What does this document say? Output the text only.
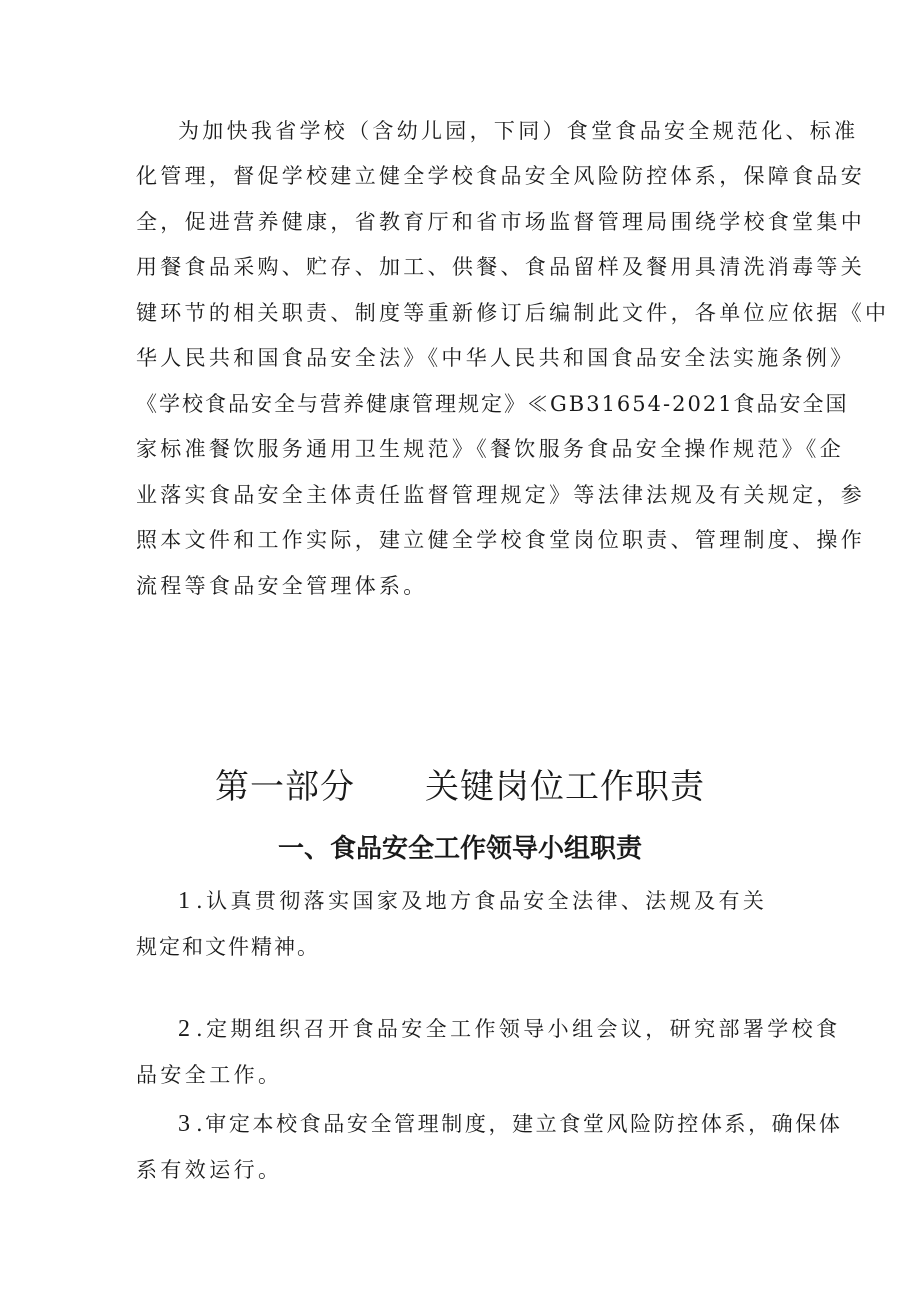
为加快我省学校（含幼儿园，下同）食堂食品安全规范化、标准
化管理，督促学校建立健全学校食品安全风险防控体系，保障食品安
全，促进营养健康，省教育厅和省市场监督管理局围绕学校食堂集中
用餐食品采购、贮存、加工、供餐、食品留样及餐用具清洗消毒等关
键环节的相关职责、制度等重新修订后编制此文件，各单位应依据《中
华人民共和国食品安全法》《中华人民共和国食品安全法实施条例》
《学校食品安全与营养健康管理规定》≪GB31654-2021食品安全国
家标准餐饮服务通用卫生规范》《餐饮服务食品安全操作规范》《企
业落实食品安全主体责任监督管理规定》等法律法规及有关规定，参
照本文件和工作实际，建立健全学校食堂岗位职责、管理制度、操作
流程等食品安全管理体系。
第一部分　　关键岗位工作职责
一、食品安全工作领导小组职责
1.认真贯彻落实国家及地方食品安全法律、法规及有关
规定和文件精神。
2.定期组织召开食品安全工作领导小组会议，研究部署学校食
品安全工作。
3.审定本校食品安全管理制度，建立食堂风险防控体系，确保体
系有效运行。
